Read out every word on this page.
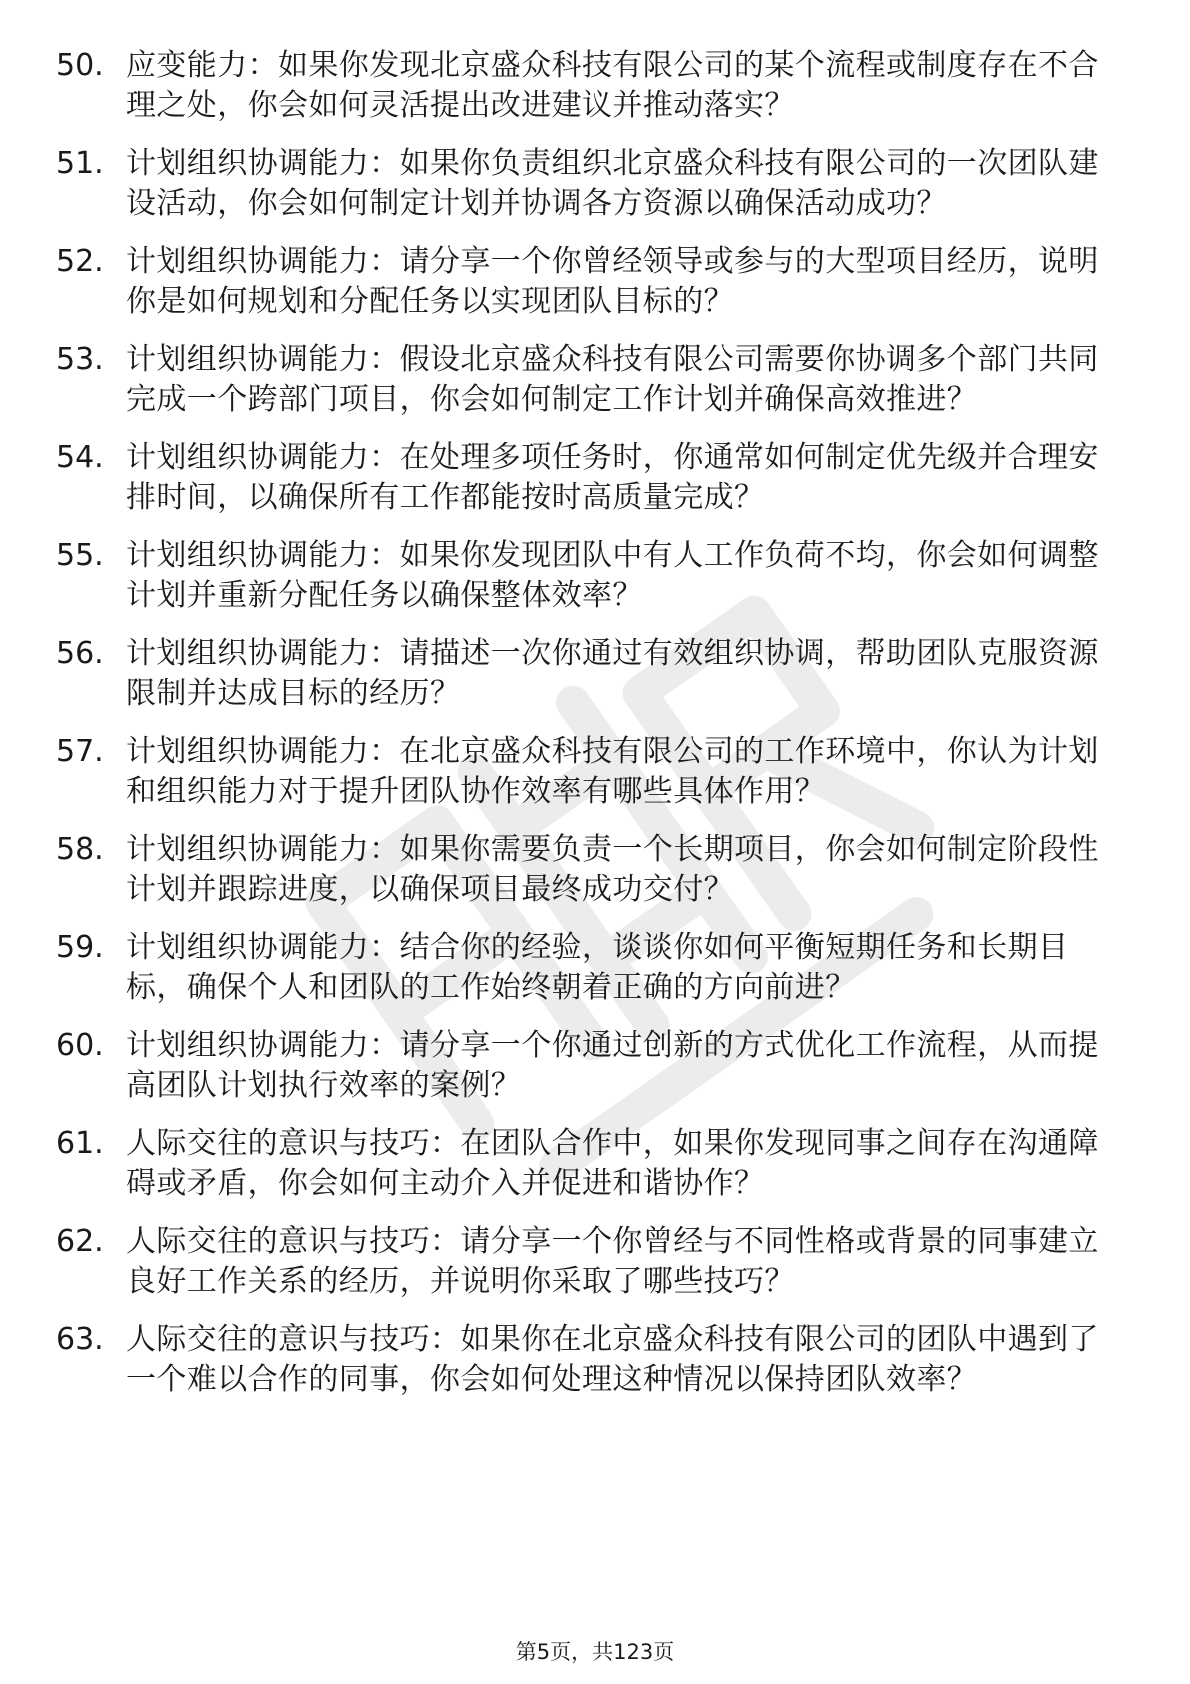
50. 应变能力：如果你发现北京盛众科技有限公司的某个流程或制度存在不合理之处，你会如何灵活提出改进建议并推动落实？
51. 计划组织协调能力：如果你负责组织北京盛众科技有限公司的一次团队建设活动，你会如何制定计划并协调各方资源以确保活动成功？
52. 计划组织协调能力：请分享一个你曾经领导或参与的大型项目经历，说明你是如何规划和分配任务以实现团队目标的？
53. 计划组织协调能力：假设北京盛众科技有限公司需要你协调多个部门共同完成一个跨部门项目，你会如何制定工作计划并确保高效推进？
54. 计划组织协调能力：在处理多项任务时，你通常如何制定优先级并合理安排时间，以确保所有工作都能按时高质量完成？
55. 计划组织协调能力：如果你发现团队中有人工作负荷不均，你会如何调整计划并重新分配任务以确保整体效率？
56. 计划组织协调能力：请描述一次你通过有效组织协调，帮助团队克服资源限制并达成目标的经历？
57. 计划组织协调能力：在北京盛众科技有限公司的工作环境中，你认为计划和组织能力对于提升团队协作效率有哪些具体作用？
58. 计划组织协调能力：如果你需要负责一个长期项目，你会如何制定阶段性计划并跟踪进度，以确保项目最终成功交付？
59. 计划组织协调能力：结合你的经验，谈谈你如何平衡短期任务和长期目标，确保个人和团队的工作始终朝着正确的方向前进？
60. 计划组织协调能力：请分享一个你通过创新的方式优化工作流程，从而提高团队计划执行效率的案例？
61. 人际交往的意识与技巧：在团队合作中，如果你发现同事之间存在沟通障碍或矛盾，你会如何主动介入并促进和谐协作？
62. 人际交往的意识与技巧：请分享一个你曾经与不同性格或背景的同事建立良好工作关系的经历，并说明你采取了哪些技巧？
63. 人际交往的意识与技巧：如果你在北京盛众科技有限公司的团队中遇到了一个难以合作的同事，你会如何处理这种情况以保持团队效率？
第5页，共123页
